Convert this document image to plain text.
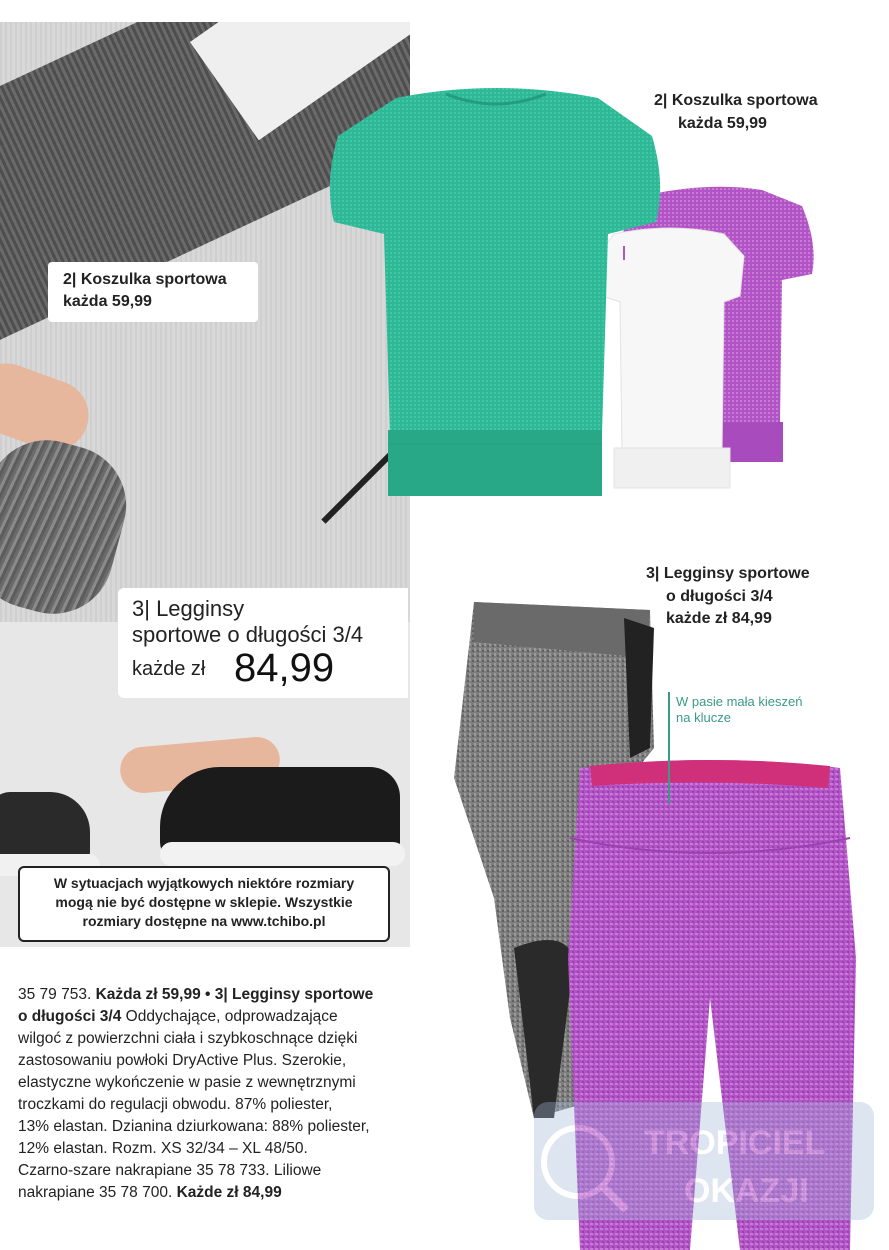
2| Koszulka sportowa
każda 59,99
3| Legginsy
sportowe o długości 3/4
każde zł 84,99
W sytuacjach wyjątkowych niektóre rozmiary
mogą nie być dostępne w sklepie. Wszystkie
rozmiary dostępne na www.tchibo.pl
2| Koszulka sportowa
każda 59,99
3| Legginsy sportowe
o długości 3/4
każde zł 84,99
W pasie mała kieszeń
na klucze
35 79 753. Każda zł 59,99 • 3| Legginsy sportowe
o długości 3/4 Oddychające, odprowadzające
wilgoć z powierzchni ciała i szybkoschnące dzięki
zastosowaniu powłoki DryActive Plus. Szerokie,
elastyczne wykończenie w pasie z wewnętrznymi
troczkami do regulacji obwodu. 87% poliester,
13% elastan. Dzianina dziurkowana: 88% poliester,
12% elastan. Rozm. XS 32/34 – XL 48/50.
Czarno-szare nakrapiane 35 78 733. Liliowe
nakrapiane 35 78 700. Każde zł 84,99
TROPICIEL
OKAZJI
